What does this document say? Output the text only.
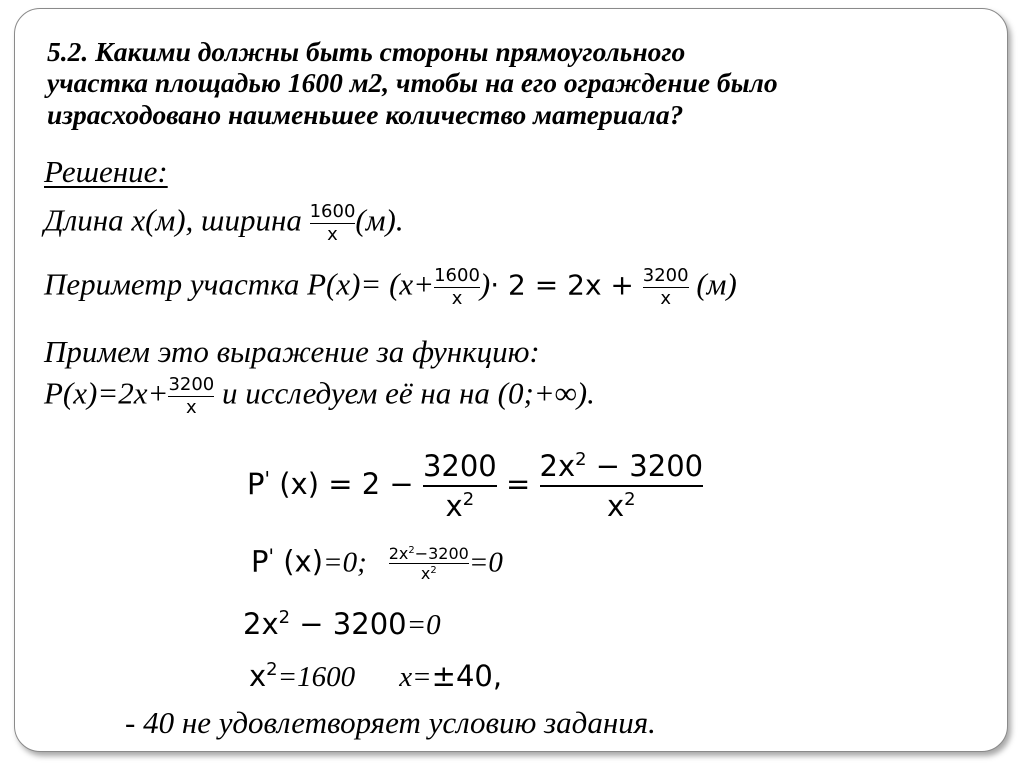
5.2. Какими должны быть стороны прямоугольного
участка площадью 1600 м2, чтобы на его ограждение было
израсходовано наименьшее количество материала?
Решение:
Длина x(м), ширина $\frac{1600}{x} (м)$.
Периметр участка $P(x)= (x+ \frac{1600}{x}$ )· $2 = 2x + \frac{3200}{x} (м)$
Примем это выражение за функцию:
$P(x)=2x+ \frac{3200}{x}$ и исследуем её на на (0;+∞).
P' $(x) = 2 - \frac{3200}{x^2} = \frac{2x^2 - 3200}{x^2}$
P' (x)=0; $\frac{2x^2-3200}{x^2} =0$
$2x^2 - 3200=0$
$x^2=1600$ x=±40,
- 40 не удовлетворяет условию задания.
